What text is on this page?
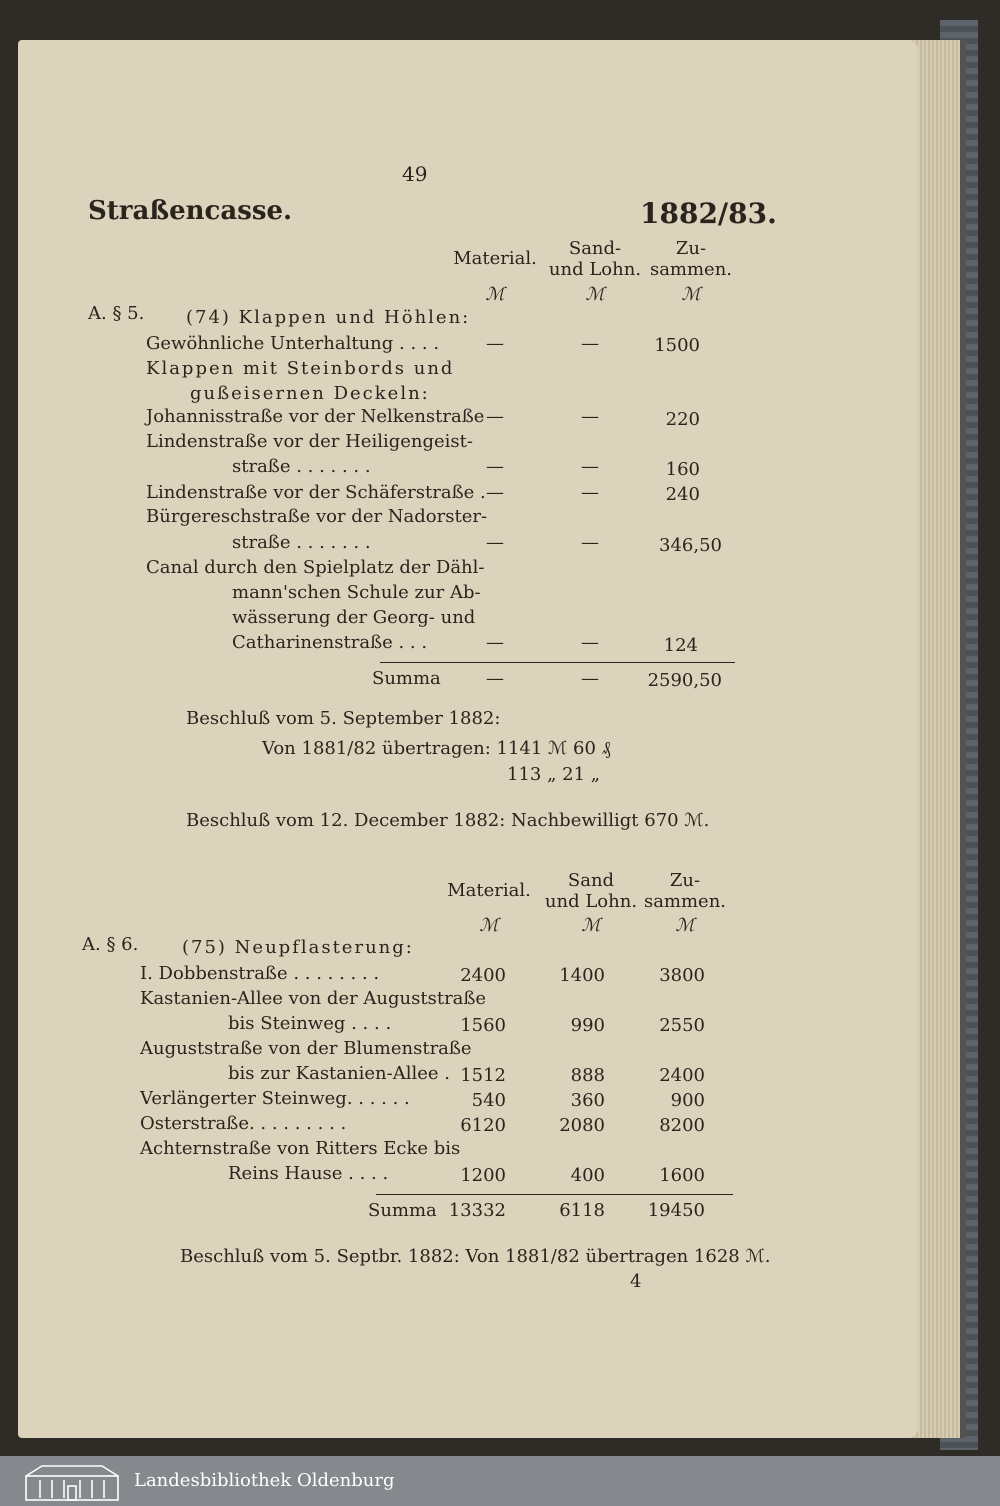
49
Straßencasse.	1882/83.
Material.	Sand-
und Lohn.
Zu-
sammen.
ℳ	ℳ	ℳ
A. § 5. (74) Klappen und Höhlen:
Gewöhnliche Unterhaltung . . . .	—	—	1500
Klappen mit Steinbords und
gußeisernen Deckeln:
Johannisstraße vor der Nelkenstraße —	—	220
Lindenstraße vor der Heiligengeist-
straße . . . . . . .	—	—	160
Lindenstraße vor der Schäferstraße . —	—	240
Bürgereschstraße vor der Nadorster-
straße . . . . . . .	—	—	346,50
Canal durch den Spielplatz der Dähl-
mann'schen Schule zur Ab-
wässerung der Georg- und
Catharinenstraße . . .	—	—	124
Summa	—	—	2590,50
Beschluß vom 5. September 1882:
Von 1881/82 übertragen: 1141 ℳ 60 ₰
113 „ 21 „
Beschluß vom 12. December 1882: Nachbewilligt 670 ℳ.
Material.	Sand
und Lohn.
Zu-
sammen.
ℳ	ℳ	ℳ
A. § 6. (75) Neupflasterung:
I. Dobbenstraße . . . . . . . .	2400	1400	3800
Kastanien-Allee von der Auguststraße
bis Steinweg . . . .	1560	990	2550
Auguststraße von der Blumenstraße
bis zur Kastanien-Allee . 1512	888	2400
Verlängerter Steinweg. . . . . .	540	360	900
Osterstraße. . . . . . . . .	6120	2080	8200
Achternstraße von Ritters Ecke bis
Reins Hause . . . .	1200	400	1600
Summa 13332	6118	19450
Beschluß vom 5. Septbr. 1882: Von 1881/82 übertragen 1628 ℳ.
4
Landesbibliothek Oldenburg
